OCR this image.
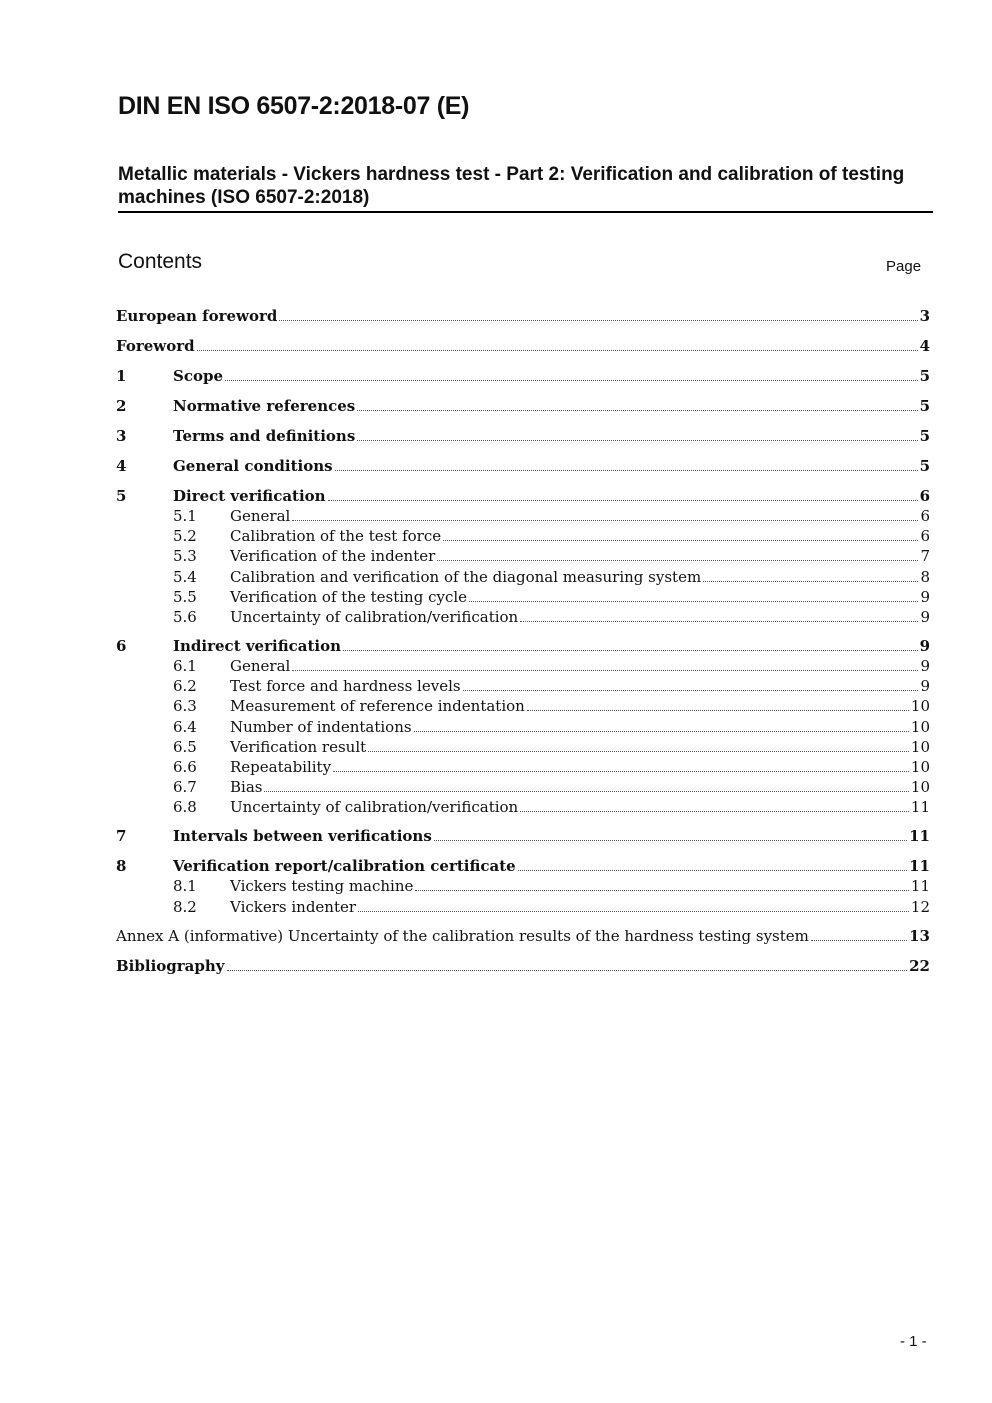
DIN EN ISO 6507-2:2018-07 (E)
Metallic materials - Vickers hardness test - Part 2: Verification and calibration of testing machines (ISO 6507-2:2018)
Contents	Page
European foreword	3
Foreword	4
1	Scope	5
2	Normative references	5
3	Terms and definitions	5
4	General conditions	5
5	Direct verification	6
5.1	General	6
5.2	Calibration of the test force	6
5.3	Verification of the indenter	7
5.4	Calibration and verification of the diagonal measuring system	8
5.5	Verification of the testing cycle	9
5.6	Uncertainty of calibration/verification	9
6	Indirect verification	9
6.1	General	9
6.2	Test force and hardness levels	9
6.3	Measurement of reference indentation	10
6.4	Number of indentations	10
6.5	Verification result	10
6.6	Repeatability	10
6.7	Bias	10
6.8	Uncertainty of calibration/verification	11
7	Intervals between verifications	11
8	Verification report/calibration certificate	11
8.1	Vickers testing machine	11
8.2	Vickers indenter	12
Annex A (informative) Uncertainty of the calibration results of the hardness testing system	13
Bibliography	22
- 1 -
